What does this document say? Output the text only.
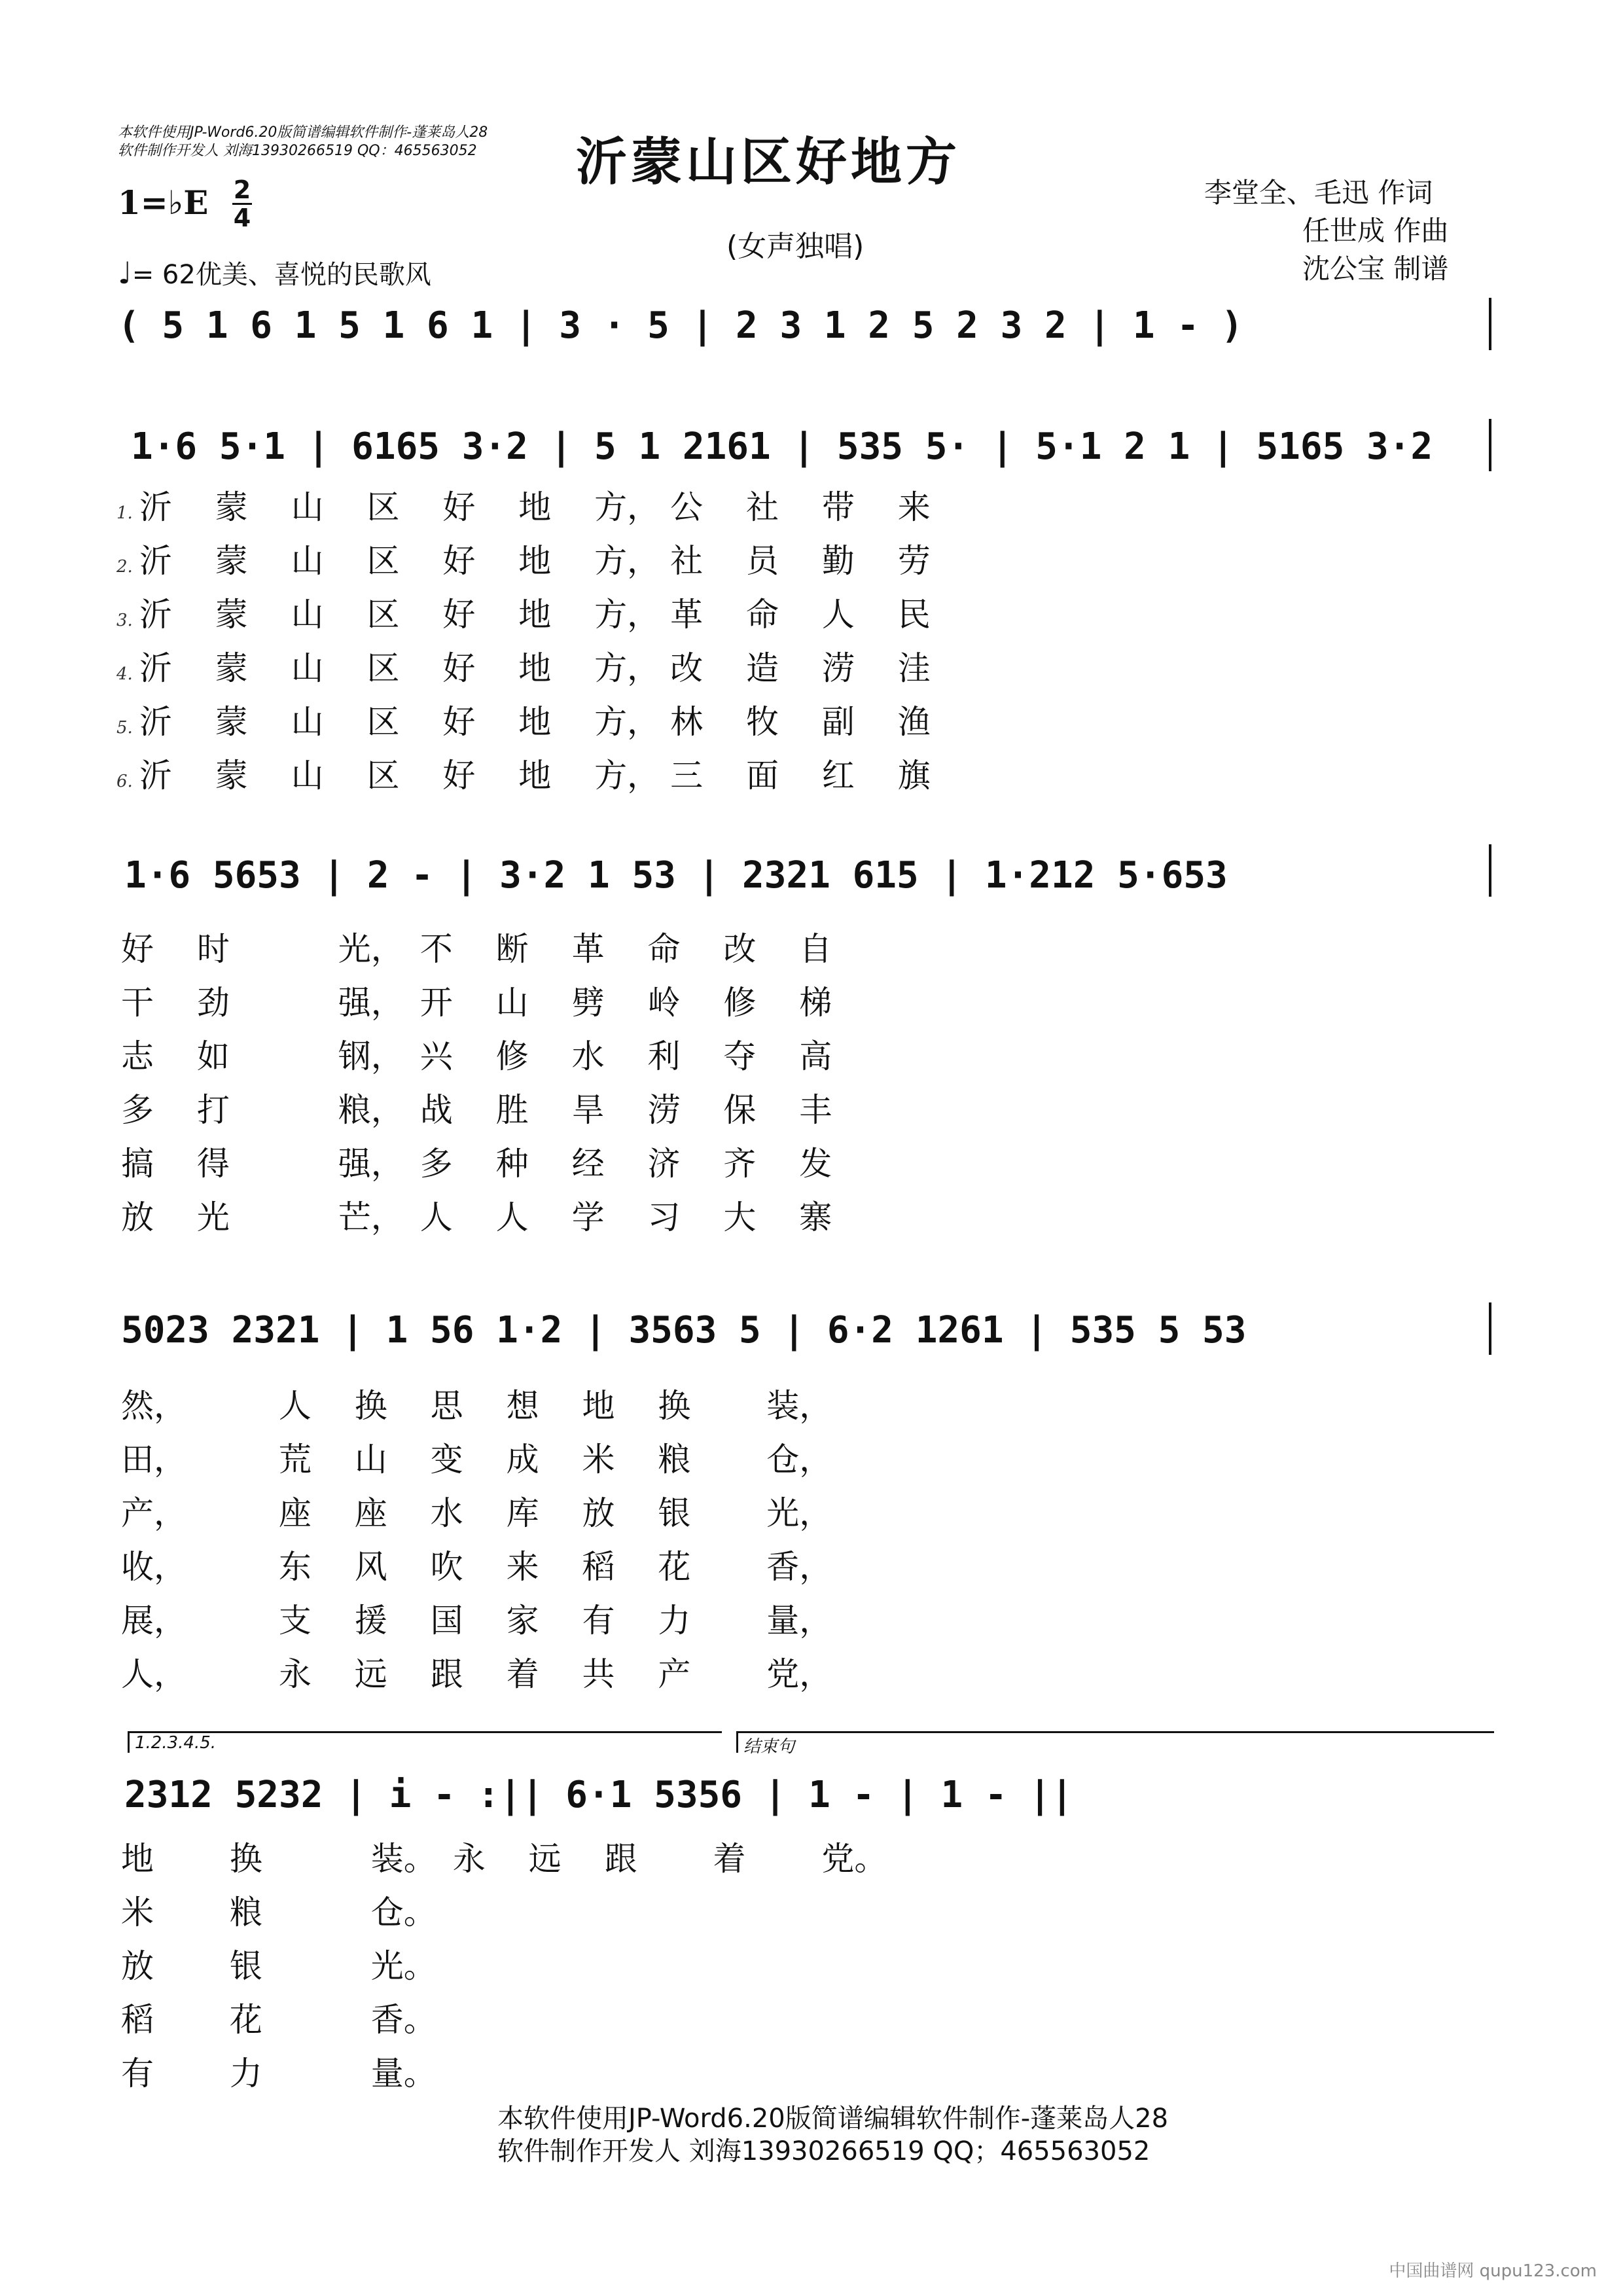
本软件使用JP-Word6.20版简谱编辑软件制作-蓬莱岛人28
软件制作开发人 刘海13930266519 QQ：465563052 沂蒙山区好地方
(女声独唱)
李堂全、毛迅 作词
任世成 作曲
沈公宝 制谱
1=♭E 2
4
♩= 62优美、喜悦的民歌风
( 5 1 6 1 5 1 6 1 | 3 · 5 | 2 3 1 2 5 2 3 2 | 1 - )
1·6 5·1 | 6165 3·2 | 5 1 2161 | 535 5· | 5·1 2 1 | 5165 3·2
1. 沂　 蒙　 山　 区　 好　 地　 方， 公　 社　 带　 来
2. 沂　 蒙　 山　 区　 好　 地　 方， 社　 员　 勤　 劳
3. 沂　 蒙　 山　 区　 好　 地　 方， 革　 命　 人　 民
4. 沂　 蒙　 山　 区　 好　 地　 方， 改　 造　 涝　 洼
5. 沂　 蒙　 山　 区　 好　 地　 方， 林　 牧　 副　 渔
6. 沂　 蒙　 山　 区　 好　 地　 方， 三　 面　 红　 旗
1·6 5653 | 2 - | 3·2 1 53 | 2321 615 | 1·212 5·653
好　 时　　　 光，　不　 断　 革　 命　 改　 自
干　 劲　　　 强，　开　 山　 劈　 岭　 修　 梯
志　 如　　　 钢，　兴　 修　 水　 利　 夺　 高
多　 打　　　 粮，　战　 胜　 旱　 涝　 保　 丰
搞　 得　　　 强，　多　 种　 经　 济　 齐　 发
放　 光　　　 芒，　人　 人　 学　 习　 大　 寨
5023 2321 | 1 56 1·2 | 3563 5 | 6·2 1261 | 535 5 53
然，　　　 人　 换　 思　 想　 地　 换　　 装，
田，　　　 荒　 山　 变　 成　 米　 粮　　 仓，
产，　　　 座　 座　 水　 库　 放　 银　　 光，
收，　　　 东　 风　 吹　 来　 稻　 花　　 香，
展，　　　 支　 援　 国　 家　 有　 力　　 量，
人，　　　 永　 远　 跟　 着　 共　 产　　 党，
1.2.3.4.5.	结束句
2312 5232 | i - :|| 6·1 5356 | 1 - | 1 - ||
地　　 换　　　 装。　永　 远　 跟　　 着　　 党。
米　　 粮　　　 仓。
放　　 银　　　 光。
稻　　 花　　　 香。
有　　 力　　　 量。
本软件使用JP-Word6.20版简谱编辑软件制作-蓬莱岛人28
软件制作开发人 刘海13930266519 QQ；465563052
中国曲谱网 qupu123.com
